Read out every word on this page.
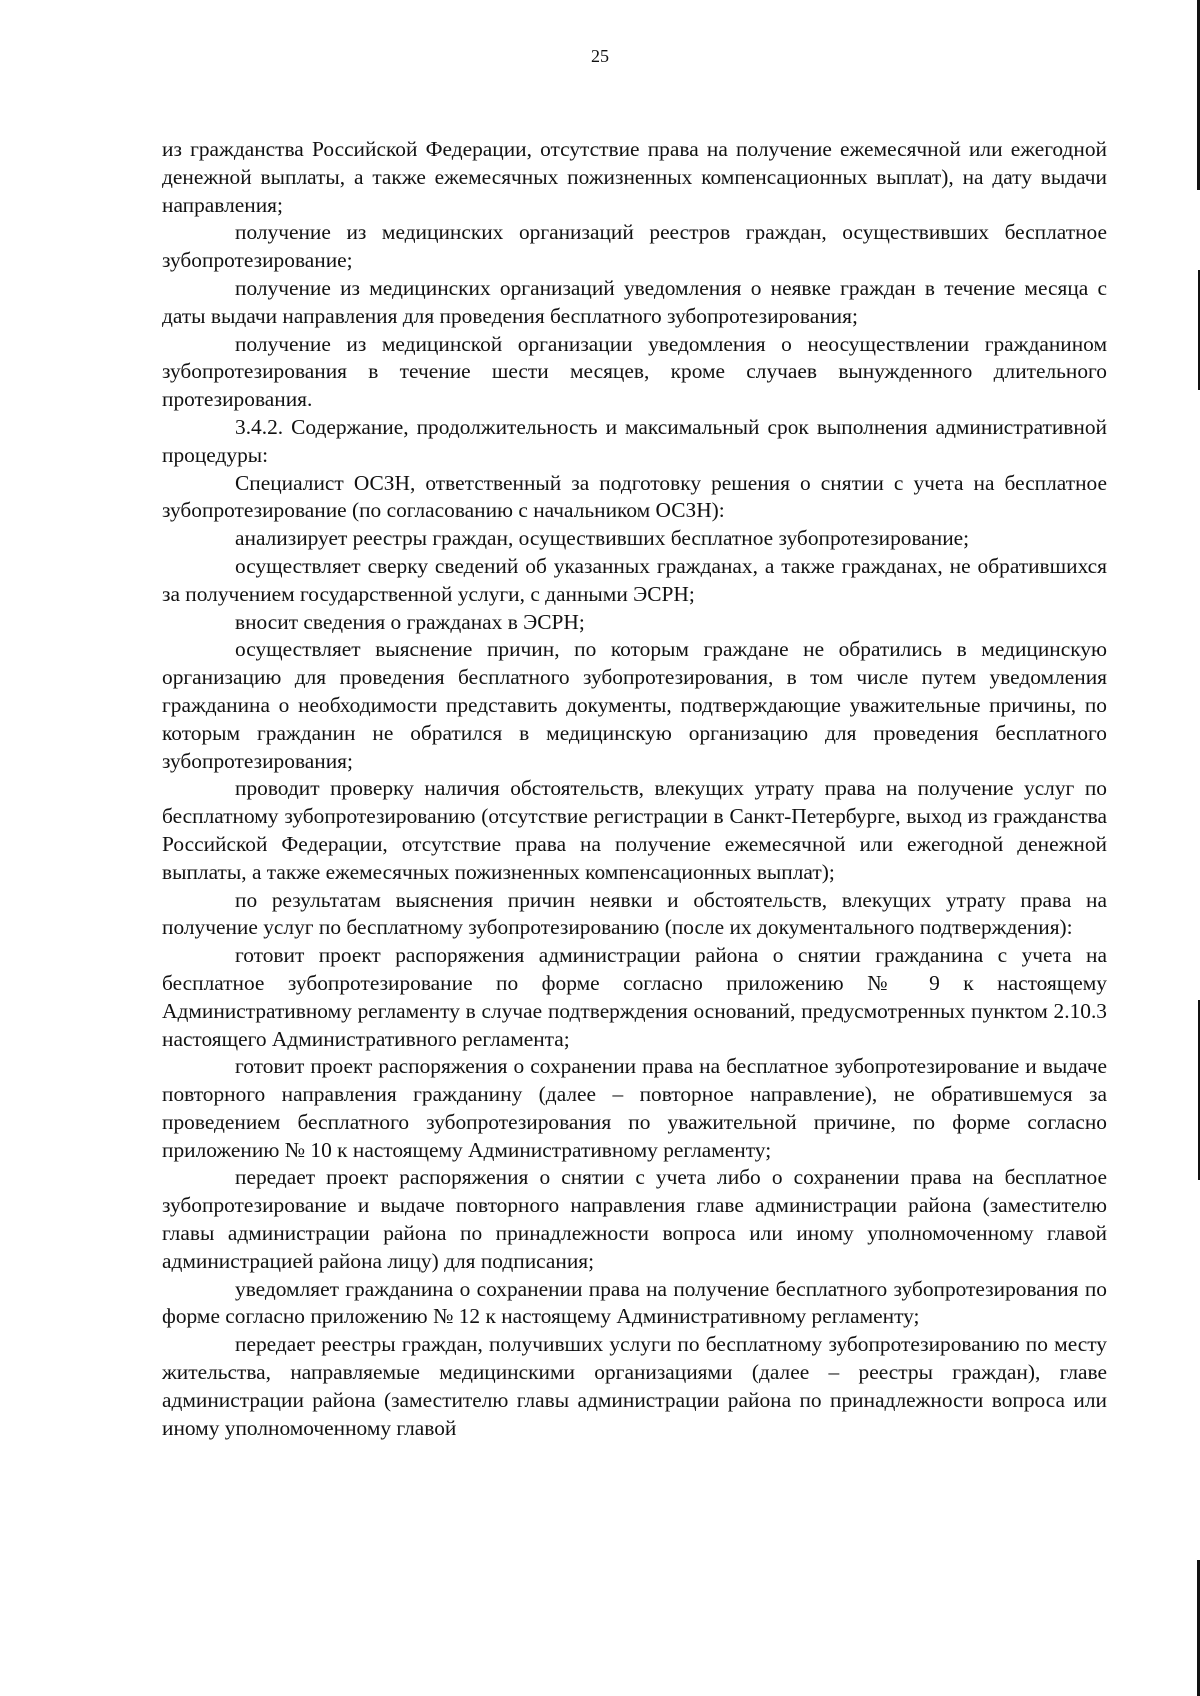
25

из гражданства Российской Федерации, отсутствие права на получение ежемесячной или ежегодной денежной выплаты, а также ежемесячных пожизненных компенсационных выплат), на дату выдачи направления;

получение из медицинских организаций реестров граждан, осуществивших бесплатное зубопротезирование;

получение из медицинских организаций уведомления о неявке граждан в течение месяца с даты выдачи направления для проведения бесплатного зубопротезирования;

получение из медицинской организации уведомления о неосуществлении гражданином зубопротезирования в течение шести месяцев, кроме случаев вынужденного длительного протезирования.

3.4.2. Содержание, продолжительность и максимальный срок выполнения административной процедуры:

Специалист ОСЗН, ответственный за подготовку решения о снятии с учета на бесплатное зубопротезирование (по согласованию с начальником ОСЗН):

анализирует реестры граждан, осуществивших бесплатное зубопротезирование;

осуществляет сверку сведений об указанных гражданах, а также гражданах, не обратившихся за получением государственной услуги, с данными ЭСРН;

вносит сведения о гражданах в ЭСРН;

осуществляет выяснение причин, по которым граждане не обратились в медицинскую организацию для проведения бесплатного зубопротезирования, в том числе путем уведомления гражданина о необходимости представить документы, подтверждающие уважительные причины, по которым гражданин не обратился в медицинскую организацию для проведения бесплатного зубопротезирования;

проводит проверку наличия обстоятельств, влекущих утрату права на получение услуг по бесплатному зубопротезированию (отсутствие регистрации в Санкт-Петербурге, выход из гражданства Российской Федерации, отсутствие права на получение ежемесячной или ежегодной денежной выплаты, а также ежемесячных пожизненных компенсационных выплат);

по результатам выяснения причин неявки и обстоятельств, влекущих утрату права на получение услуг по бесплатному зубопротезированию (после их документального подтверждения):

готовит проект распоряжения администрации района о снятии гражданина с учета на бесплатное зубопротезирование по форме согласно приложению № 9 к настоящему Административному регламенту в случае подтверждения оснований, предусмотренных пунктом 2.10.3 настоящего Административного регламента;

готовит проект распоряжения о сохранении права на бесплатное зубопротезирование и выдаче повторного направления гражданину (далее – повторное направление), не обратившемуся за проведением бесплатного зубопротезирования по уважительной причине, по форме согласно приложению № 10 к настоящему Административному регламенту;

передает проект распоряжения о снятии с учета либо о сохранении права на бесплатное зубопротезирование и выдаче повторного направления главе администрации района (заместителю главы администрации района по принадлежности вопроса или иному уполномоченному главой администрацией района лицу) для подписания;

уведомляет гражданина о сохранении права на получение бесплатного зубопротезирования по форме согласно приложению № 12 к настоящему Административному регламенту;

передает реестры граждан, получивших услуги по бесплатному зубопротезированию по месту жительства, направляемые медицинскими организациями (далее – реестры граждан), главе администрации района (заместителю главы администрации района по принадлежности вопроса или иному уполномоченному главой
